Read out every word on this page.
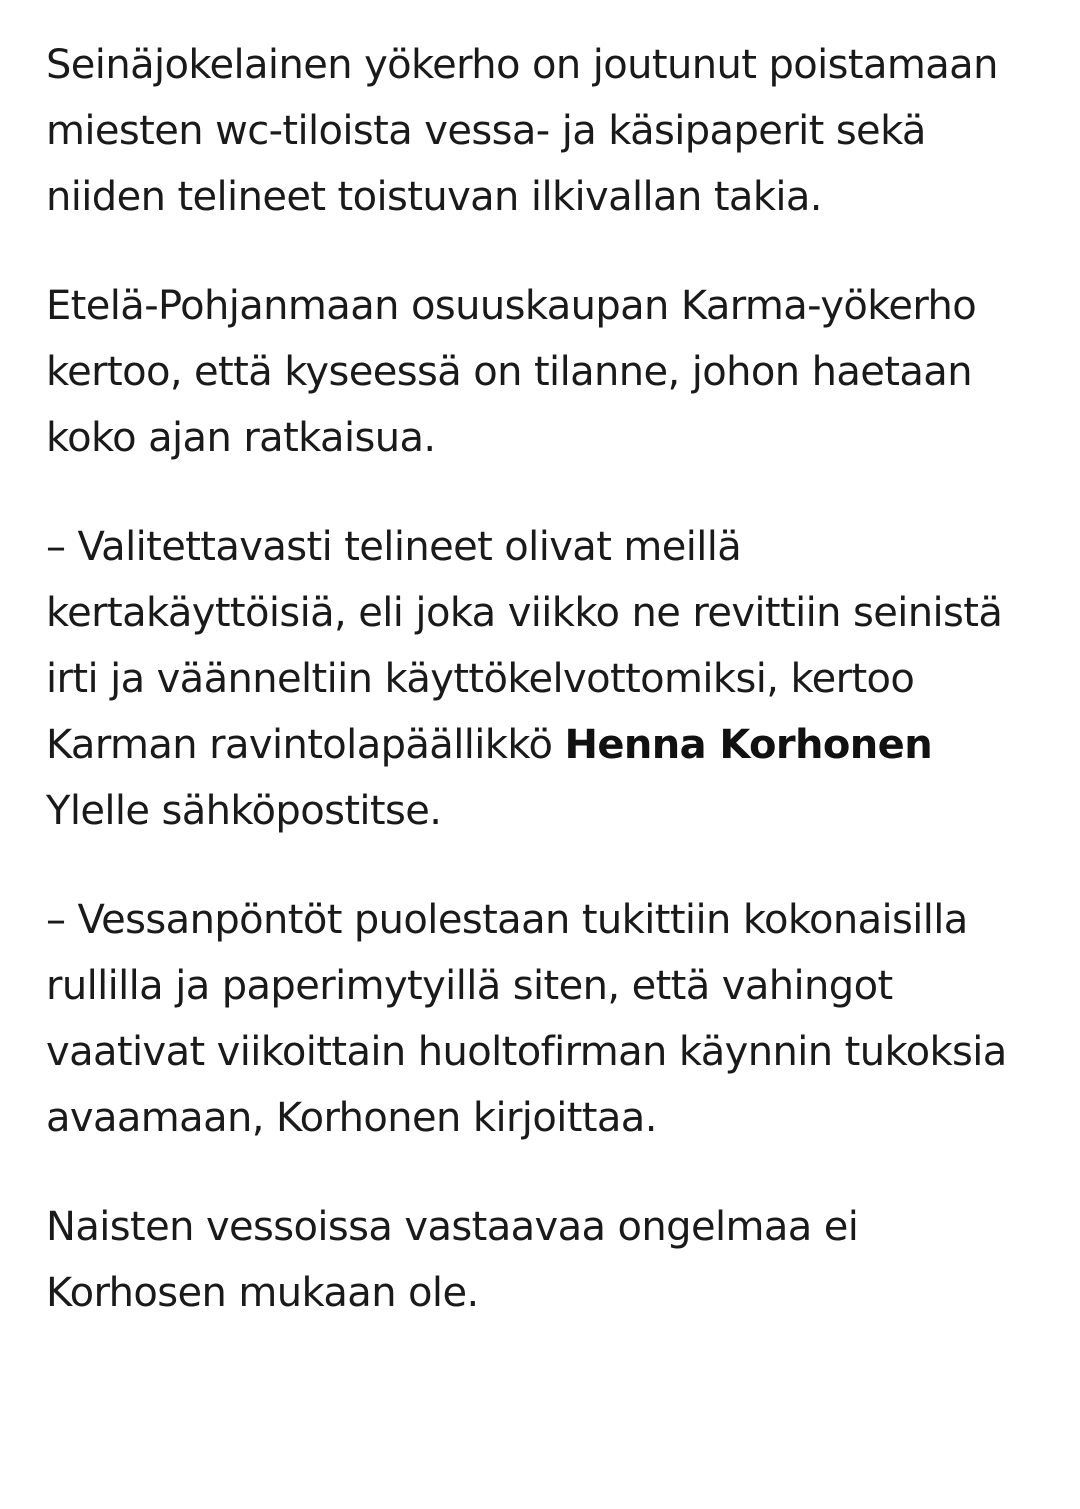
Seinäjokelainen yökerho on joutunut poistamaan miesten wc-tiloista vessa- ja käsipaperit sekä niiden telineet toistuvan ilkivallan takia.

Etelä-Pohjanmaan osuuskaupan Karma-yökerho kertoo, että kyseessä on tilanne, johon haetaan koko ajan ratkaisua.

– Valitettavasti telineet olivat meillä kertakäyttöisiä, eli joka viikko ne revittiin seinistä irti ja väänneltiin käyttökelvottomiksi, kertoo Karman ravintolapäällikkö Henna Korhonen Ylelle sähköpostitse.

– Vessanpöntöt puolestaan tukittiin kokonaisilla rullilla ja paperimytyillä siten, että vahingot vaativat viikoittain huoltofirman käynnin tukoksia avaamaan, Korhonen kirjoittaa.

Naisten vessoissa vastaavaa ongelmaa ei Korhosen mukaan ole.
